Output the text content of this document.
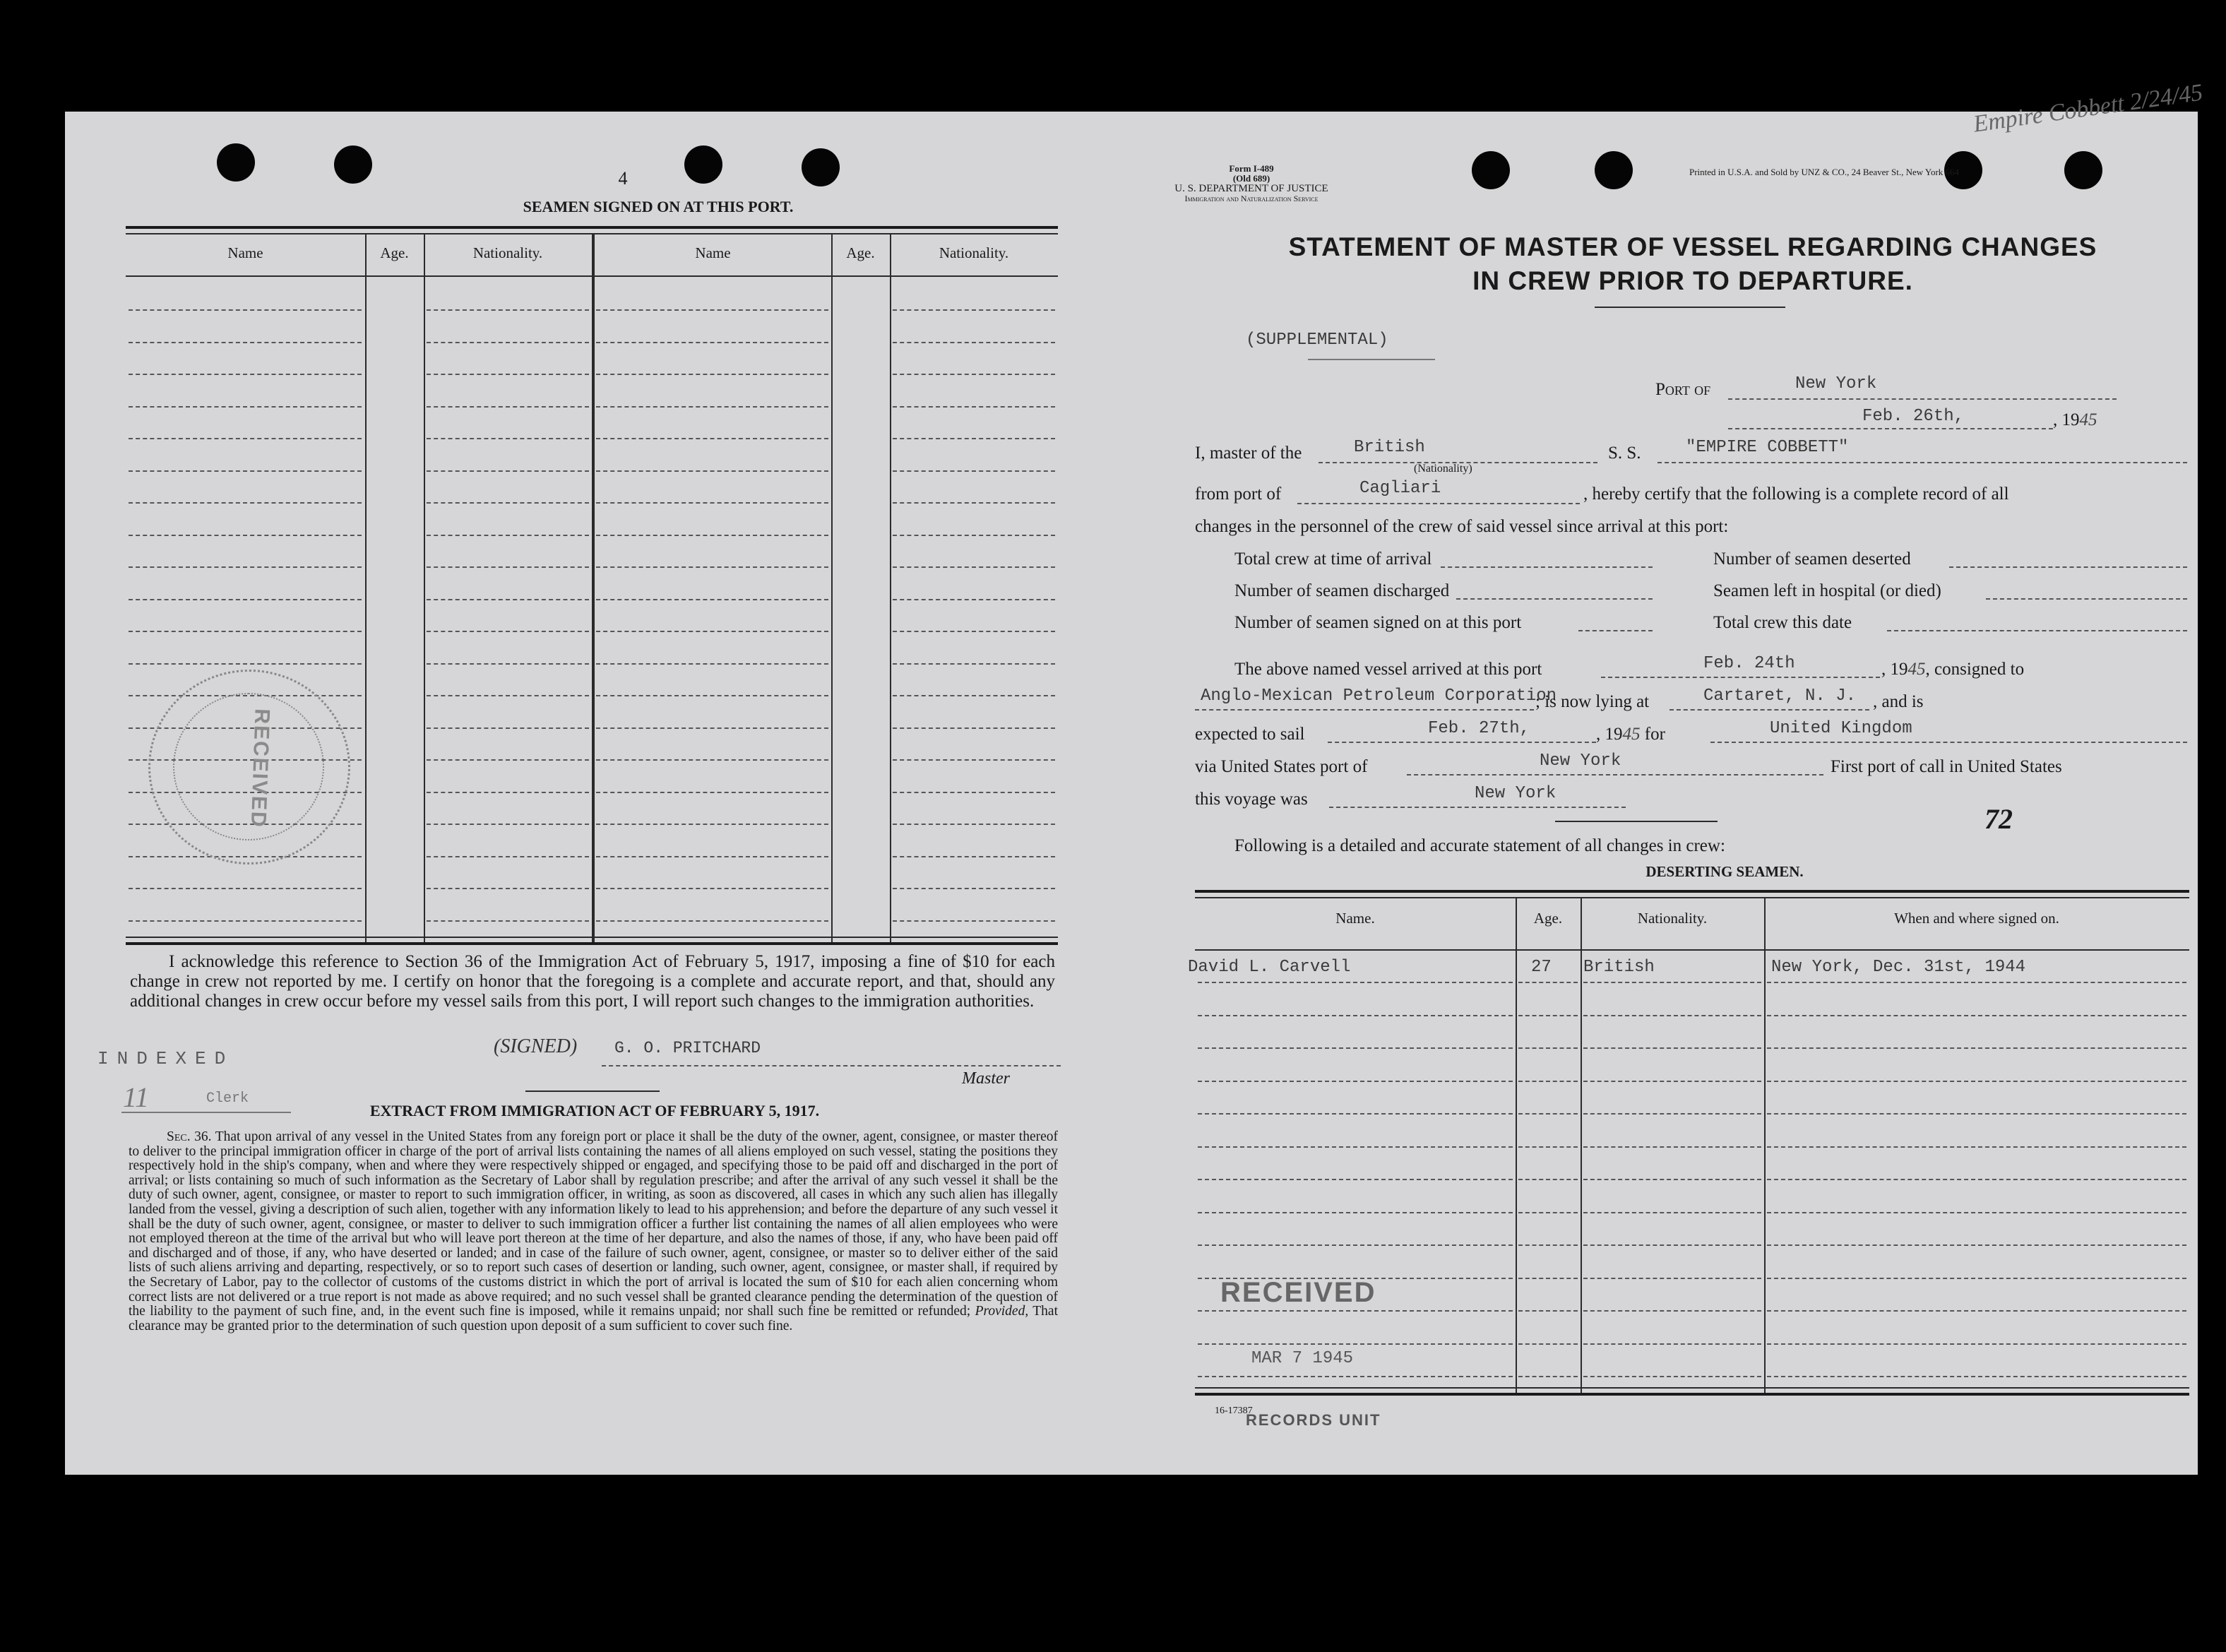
4
SEAMEN SIGNED ON AT THIS PORT.
Name	Age.	Nationality.	Name	Age.	Nationality.
RECEIVED
I acknowledge this reference to Section 36 of the Immigration Act of February 5, 1917, imposing a fine of $10 for each change in crew not reported by me. I certify on honor that the foregoing is a complete and accurate report, and that, should any additional changes in crew occur before my vessel sails from this port, I will report such changes to the immigration authorities.
(SIGNED) G. O. PRITCHARD
Master
INDEXED
11	Clerk
EXTRACT FROM IMMIGRATION ACT OF FEBRUARY 5, 1917.
Sec. 36. That upon arrival of any vessel in the United States from any foreign port or place it shall be the duty of the owner, agent, consignee, or master thereof to deliver to the principal immigration officer in charge of the port of arrival lists containing the names of all aliens employed on such vessel, stating the positions they respectively hold in the ship's company, when and where they were respectively shipped or engaged, and specifying those to be paid off and discharged in the port of arrival; or lists containing so much of such information as the Secretary of Labor shall by regulation prescribe; and after the arrival of any such vessel it shall be the duty of such owner, agent, consignee, or master to report to such immigration officer, in writing, as soon as discovered, all cases in which any such alien has illegally landed from the vessel, giving a description of such alien, together with any information likely to lead to his apprehension; and before the departure of any such vessel it shall be the duty of such owner, agent, consignee, or master to deliver to such immigration officer a further list containing the names of all alien employees who were not employed thereon at the time of the arrival but who will leave port thereon at the time of her departure, and also the names of those, if any, who have been paid off and discharged and of those, if any, who have deserted or landed; and in case of the failure of such owner, agent, consignee, or master so to deliver either of the said lists of such aliens arriving and departing, respectively, or so to report such cases of desertion or landing, such owner, agent, consignee, or master shall, if required by the Secretary of Labor, pay to the collector of customs of the customs district in which the port of arrival is located the sum of $10 for each alien concerning whom correct lists are not delivered or a true report is not made as above required; and no such vessel shall be granted clearance pending the determination of the question of the liability to the payment of such fine, and, in the event such fine is imposed, while it remains unpaid; nor shall such fine be remitted or refunded; Provided, That clearance may be granted prior to the determination of such question upon deposit of a sum sufficient to cover such fine.
Form I-489
(Old 689)
U. S. DEPARTMENT OF JUSTICE
Immigration and Naturalization Service
Printed in U.S.A. and Sold by UNZ & CO., 24 Beaver St., New York 664
Empire Cobbett 2/24/45
STATEMENT OF MASTER OF VESSEL REGARDING CHANGES
IN CREW PRIOR TO DEPARTURE.
(SUPPLEMENTAL)
Port of	New York
Feb. 26th,	, 1945
I, master of the	British
(Nationality)
S. S.	"EMPIRE COBBETT"
from port of	Cagliari	, hereby certify that the following is a complete record of all
changes in the personnel of the crew of said vessel since arrival at this port:
Total crew at time of arrival	Number of seamen deserted
Number of seamen discharged	Seamen left in hospital (or died)
Number of seamen signed on at this port	Total crew this date
The above named vessel arrived at this port	Feb. 24th	, 1945, consigned to
Anglo-Mexican Petroleum Corporation
; is now lying at	Cartaret, N. J. , and is
expected to sail	Feb. 27th,	, 1945 for	United Kingdom
via United States port of	New York	First port of call in United States
this voyage was	New York
72
Following is a detailed and accurate statement of all changes in crew:
DESERTING SEAMEN.
Name.	Age.	Nationality.	When and where signed on.
David L. Carvell	27 British	New York, Dec. 31st, 1944
RECEIVED
MAR 7 1945
16-17387
RECORDS UNIT
